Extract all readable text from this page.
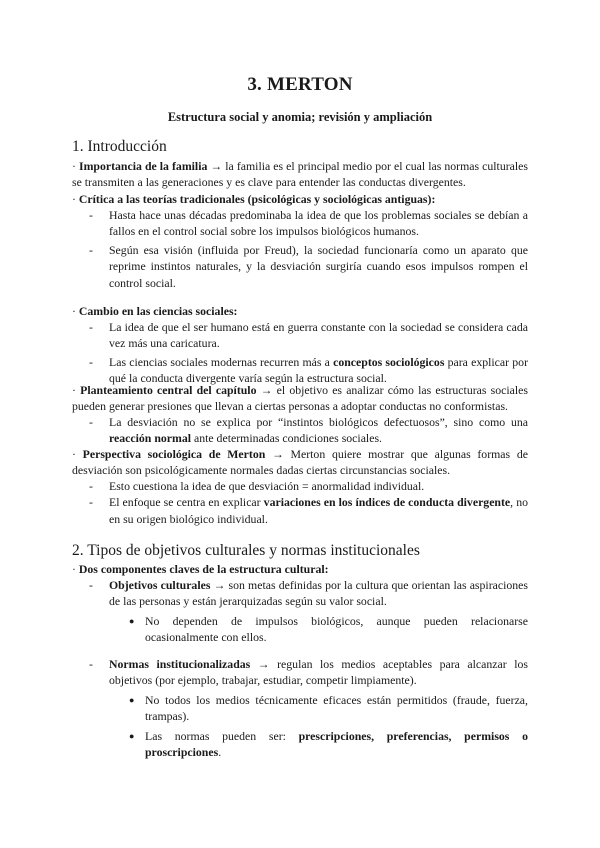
3. MERTON
Estructura social y anomia; revisión y ampliación
1. Introducción
· Importancia de la familia → la familia es el principal medio por el cual las normas culturales se transmiten a las generaciones y es clave para entender las conductas divergentes.
· Crítica a las teorías tradicionales (psicológicas y sociológicas antiguas):
- Hasta hace unas décadas predominaba la idea de que los problemas sociales se debían a fallos en el control social sobre los impulsos biológicos humanos.
- Según esa visión (influida por Freud), la sociedad funcionaría como un aparato que reprime instintos naturales, y la desviación surgiría cuando esos impulsos rompen el control social.
· Cambio en las ciencias sociales:
- La idea de que el ser humano está en guerra constante con la sociedad se considera cada vez más una caricatura.
- Las ciencias sociales modernas recurren más a conceptos sociológicos para explicar por qué la conducta divergente varía según la estructura social.
· Planteamiento central del capítulo → el objetivo es analizar cómo las estructuras sociales pueden generar presiones que llevan a ciertas personas a adoptar conductas no conformistas.
- La desviación no se explica por “instintos biológicos defectuosos”, sino como una reacción normal ante determinadas condiciones sociales.
· Perspectiva sociológica de Merton → Merton quiere mostrar que algunas formas de desviación son psicológicamente normales dadas ciertas circunstancias sociales.
- Esto cuestiona la idea de que desviación = anormalidad individual.
- El enfoque se centra en explicar variaciones en los índices de conducta divergente, no en su origen biológico individual.
2. Tipos de objetivos culturales y normas institucionales
· Dos componentes claves de la estructura cultural:
- Objetivos culturales → son metas definidas por la cultura que orientan las aspiraciones de las personas y están jerarquizadas según su valor social.
● No dependen de impulsos biológicos, aunque pueden relacionarse ocasionalmente con ellos.
- Normas institucionalizadas → regulan los medios aceptables para alcanzar los objetivos (por ejemplo, trabajar, estudiar, competir limpiamente).
● No todos los medios técnicamente eficaces están permitidos (fraude, fuerza, trampas).
● Las normas pueden ser: prescripciones, preferencias, permisos o proscripciones.
